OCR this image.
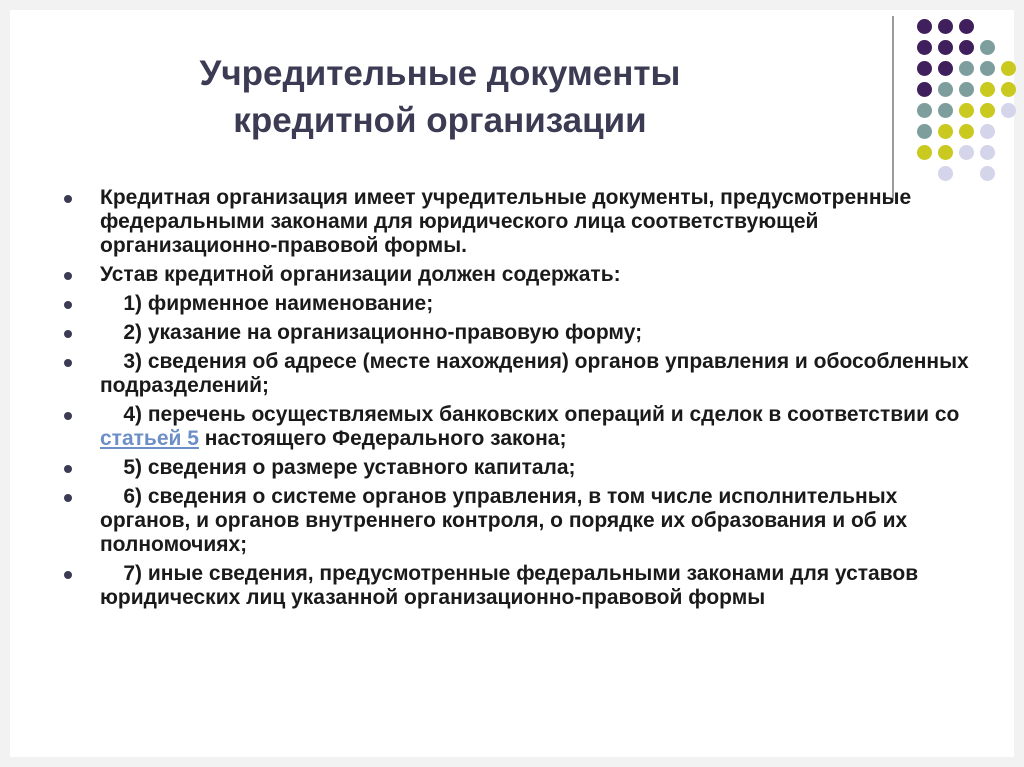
Учредительные документы
кредитной организации
Кредитная организация имеет учредительные документы, предусмотренные федеральными законами для юридического лица соответствующей организационно-правовой формы.
Устав кредитной организации должен содержать:
1) фирменное наименование;
2) указание на организационно-правовую форму;
3) сведения об адресе (месте нахождения) органов управления и обособленных подразделений;
4) перечень осуществляемых банковских операций и сделок в соответствии со статьей 5 настоящего Федерального закона;
5) сведения о размере уставного капитала;
6) сведения о системе органов управления, в том числе исполнительных органов, и органов внутреннего контроля, о порядке их образования и об их полномочиях;
7) иные сведения, предусмотренные федеральными законами для уставов юридических лиц указанной организационно-правовой формы
